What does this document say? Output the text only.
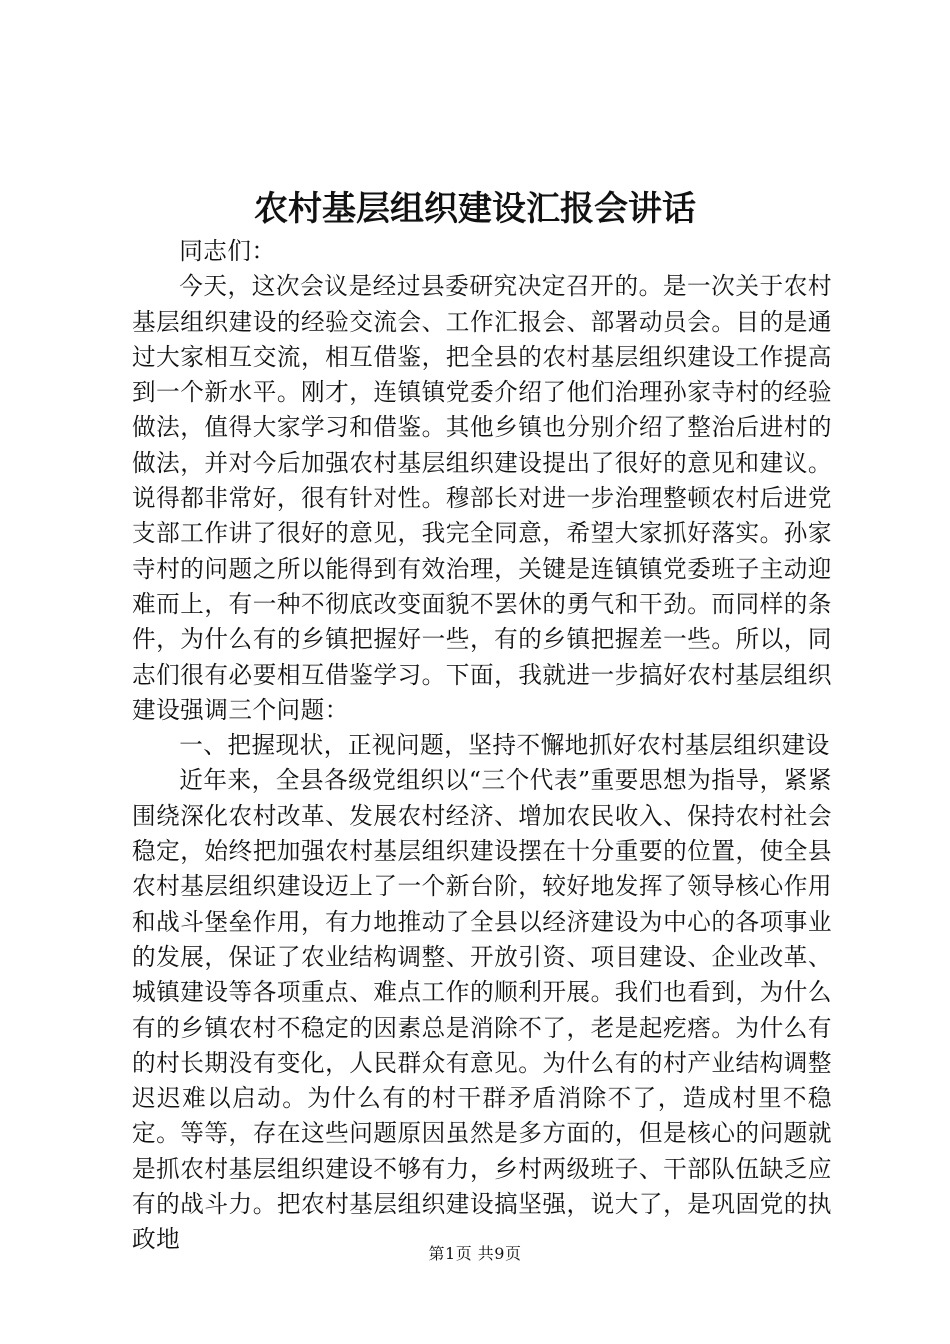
农村基层组织建设汇报会讲话

同志们：

今天，这次会议是经过县委研究决定召开的。是一次关于农村基层组织建设的经验交流会、工作汇报会、部署动员会。目的是通过大家相互交流，相互借鉴，把全县的农村基层组织建设工作提高到一个新水平。刚才，连镇镇党委介绍了他们治理孙家寺村的经验做法，值得大家学习和借鉴。其他乡镇也分别介绍了整治后进村的做法，并对今后加强农村基层组织建设提出了很好的意见和建议。说得都非常好，很有针对性。穆部长对进一步治理整顿农村后进党支部工作讲了很好的意见，我完全同意，希望大家抓好落实。孙家寺村的问题之所以能得到有效治理，关键是连镇镇党委班子主动迎难而上，有一种不彻底改变面貌不罢休的勇气和干劲。而同样的条件，为什么有的乡镇把握好一些，有的乡镇把握差一些。所以，同志们很有必要相互借鉴学习。下面，我就进一步搞好农村基层组织建设强调三个问题：

一、把握现状，正视问题，坚持不懈地抓好农村基层组织建设

近年来，全县各级党组织以“三个代表”重要思想为指导，紧紧围绕深化农村改革、发展农村经济、增加农民收入、保持农村社会稳定，始终把加强农村基层组织建设摆在十分重要的位置，使全县农村基层组织建设迈上了一个新台阶，较好地发挥了领导核心作用和战斗堡垒作用，有力地推动了全县以经济建设为中心的各项事业的发展，保证了农业结构调整、开放引资、项目建设、企业改革、城镇建设等各项重点、难点工作的顺利开展。我们也看到，为什么有的乡镇农村不稳定的因素总是消除不了，老是起疙瘩。为什么有的村长期没有变化，人民群众有意见。为什么有的村产业结构调整迟迟难以启动。为什么有的村干群矛盾消除不了，造成村里不稳定。等等，存在这些问题原因虽然是多方面的，但是核心的问题就是抓农村基层组织建设不够有力，乡村两级班子、干部队伍缺乏应有的战斗力。把农村基层组织建设搞坚强，说大了，是巩固党的执政地

第1页 共9页
